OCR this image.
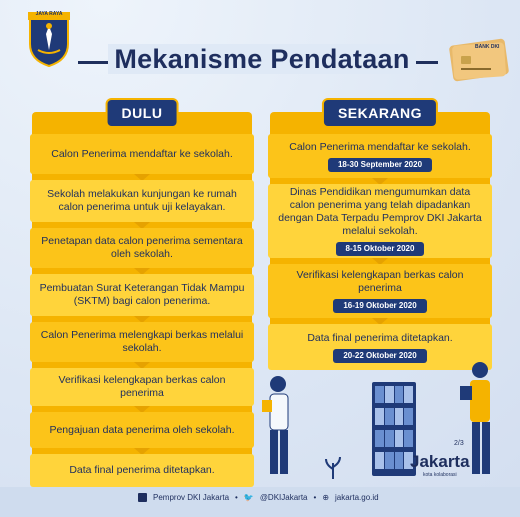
JAYA RAYA
Mekanisme Pendataan	BANK DKI
DULU
Calon Penerima mendaftar ke sekolah.
Sekolah melakukan kunjungan ke rumah calon penerima untuk uji kelayakan.
Penetapan data calon penerima sementara oleh sekolah.
Pembuatan Surat Keterangan Tidak Mampu (SKTM) bagi calon penerima.
Calon Penerima melengkapi berkas melalui sekolah.
Verifikasi kelengkapan berkas calon penerima
Pengajuan data penerima oleh sekolah.
Data final penerima ditetapkan.
SEKARANG
Calon Penerima mendaftar ke sekolah.
18-30 September 2020
Dinas Pendidikan mengumumkan data calon penerima yang telah dipadankan dengan Data Terpadu Pemprov DKI Jakarta melalui sekolah.
8-15 Oktober 2020
Verifikasi kelengkapan berkas calon penerima
16-19 Oktober 2020
Data final penerima ditetapkan.
20-22 Oktober 2020
2/3
Jakarta
kota kolaborasi
Pemprov DKI Jakarta • 🐦 @DKIJakarta • ⊕ jakarta.go.id
